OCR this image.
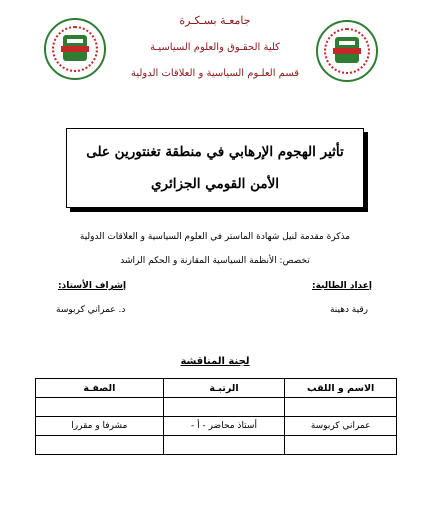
جامعـة بسـكـرة
كلية الحقـوق والعلوم السياسيـة
قسم العلـوم السياسية و العلاقات الدولية
تأثير الهجوم الإرهابي في منطقة تغنتورين على
الأمن القومي الجزائري
مذكرة مقدمة لنيل شهادة الماستر في العلوم السياسية و العلاقات الدولية
تخصص: الأنظمة السياسية المقارنة و الحكم الراشد
إعداد الطالبة:
رقية دهينة
إشراف الأستاذ:
د. عمراني كربوسة
لجنة المناقشة
الاسم و اللقب	الرتبـة	الصفـة

عمراني كربوسة	أستاذ محاضر - أ -	مشرفا و مقررا
